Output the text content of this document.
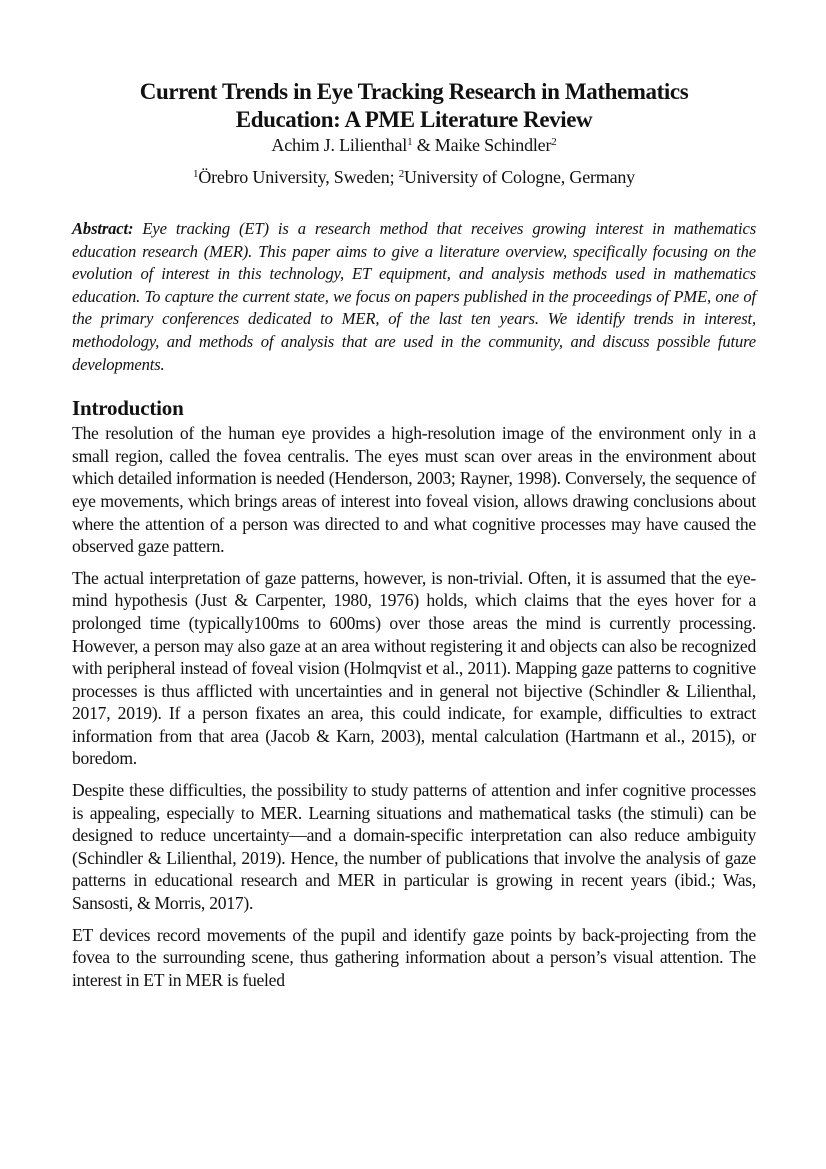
Current Trends in Eye Tracking Research in Mathematics
Education: A PME Literature Review

Achim J. Lilienthal$^1$ & Maike Schindler$^2$

$^1$Örebro University, Sweden; $^2$University of Cologne, Germany

Abstract: Eye tracking (ET) is a research method that receives growing interest in mathematics education research (MER). This paper aims to give a literature overview, specifically focusing on the evolution of interest in this technology, ET equipment, and analysis methods used in mathematics education. To capture the current state, we focus on papers published in the proceedings of PME, one of the primary conferences dedicated to MER, of the last ten years. We identify trends in interest, methodology, and methods of analysis that are used in the community, and discuss possible future developments.

Introduction

The resolution of the human eye provides a high-resolution image of the environment only in a small region, called the fovea centralis. The eyes must scan over areas in the environment about which detailed information is needed (Henderson, 2003; Rayner, 1998). Conversely, the sequence of eye movements, which brings areas of interest into foveal vision, allows drawing conclusions about where the attention of a person was directed to and what cognitive processes may have caused the observed gaze pattern.

The actual interpretation of gaze patterns, however, is non-trivial. Often, it is assumed that the eye-mind hypothesis (Just & Carpenter, 1980, 1976) holds, which claims that the eyes hover for a prolonged time (typically100ms to 600ms) over those areas the mind is currently processing. However, a person may also gaze at an area without registering it and objects can also be recognized with peripheral instead of foveal vision (Holmqvist et al., 2011). Mapping gaze patterns to cognitive processes is thus afflicted with uncertainties and in general not bijective (Schindler & Lilienthal, 2017, 2019). If a person fixates an area, this could indicate, for example, difficulties to extract information from that area (Jacob & Karn, 2003), mental calculation (Hartmann et al., 2015), or boredom.

Despite these difficulties, the possibility to study patterns of attention and infer cognitive processes is appealing, especially to MER. Learning situations and mathematical tasks (the stimuli) can be designed to reduce uncertainty—and a domain-specific interpretation can also reduce ambiguity (Schindler & Lilienthal, 2019). Hence, the number of publications that involve the analysis of gaze patterns in educational research and MER in particular is growing in recent years (ibid.; Was, Sansosti, & Morris, 2017).

ET devices record movements of the pupil and identify gaze points by back-projecting from the fovea to the surrounding scene, thus gathering information about a person’s visual attention. The interest in ET in MER is fueled
